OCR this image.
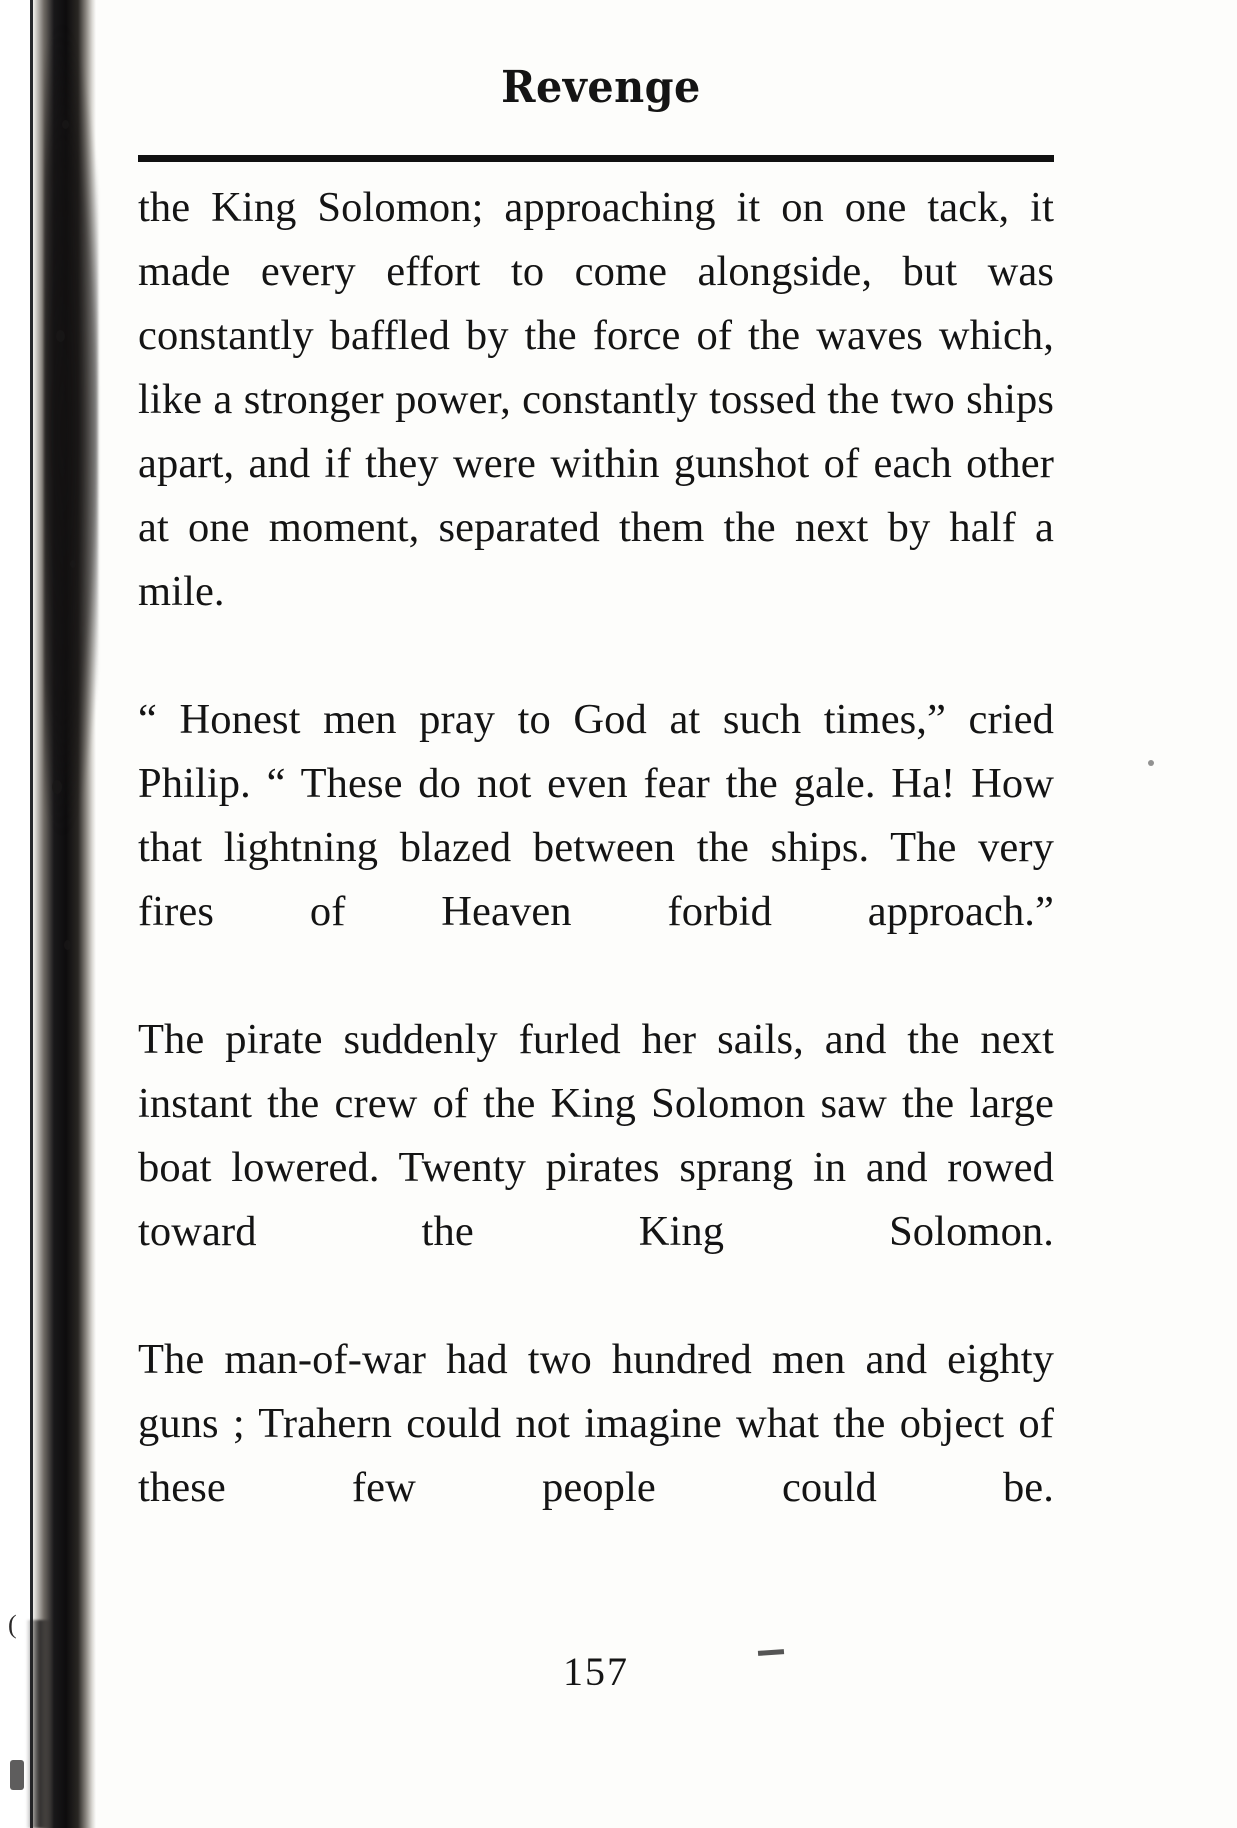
(
Revenge

the King Solomon; approaching it on one tack, it made every effort to come alongside, but was constantly baffled by the force of the waves which, like a stronger power, constantly tossed the two ships apart, and if they were within gunshot of each other at one moment, separated them the next by half a mile.

“ Honest men pray to God at such times,” cried Philip. “ These do not even fear the gale. Ha! How that lightning blazed between the ships. The very fires of Heaven forbid approach.”

The pirate suddenly furled her sails, and the next instant the crew of the King Solomon saw the large boat lowered. Twenty pirates sprang in and rowed toward the King Solomon.

The man-of-war had two hundred men and eighty guns ; Trahern could not imagine what the object of these few people could be.

157
